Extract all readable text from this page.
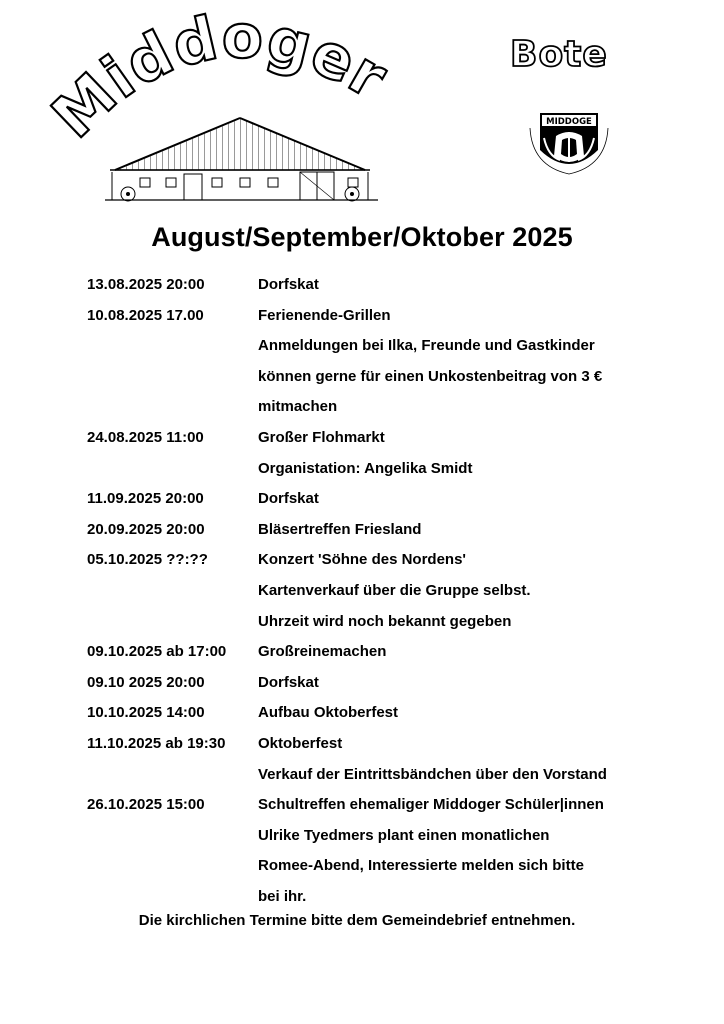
Middoger	Bote
MIDDOGE
August/September/Oktober 2025
13.08.2025 20:00	Dorfskat
10.08.2025 17.00	Ferienende-Grillen
Anmeldungen bei Ilka, Freunde und Gastkinder
können gerne für einen Unkostenbeitrag von 3 €
mitmachen
24.08.2025 11:00	Großer Flohmarkt
Organistation: Angelika Smidt
11.09.2025 20:00	Dorfskat
20.09.2025 20:00	Bläsertreffen Friesland
05.10.2025 ??:??	Konzert 'Söhne des Nordens'
Kartenverkauf über die Gruppe selbst.
Uhrzeit wird noch bekannt gegeben
09.10.2025 ab 17:00 Großreinemachen
09.10 2025 20:00	Dorfskat
10.10.2025 14:00	Aufbau Oktoberfest
11.10.2025 ab 19:30 Oktoberfest
Verkauf der Eintrittsbändchen über den Vorstand
26.10.2025 15:00	Schultreffen ehemaliger Middoger Schüler|innen
Ulrike Tyedmers plant einen monatlichen
Romee-Abend, Interessierte melden sich bitte
bei ihr.
Die kirchlichen Termine bitte dem Gemeindebrief entnehmen.
